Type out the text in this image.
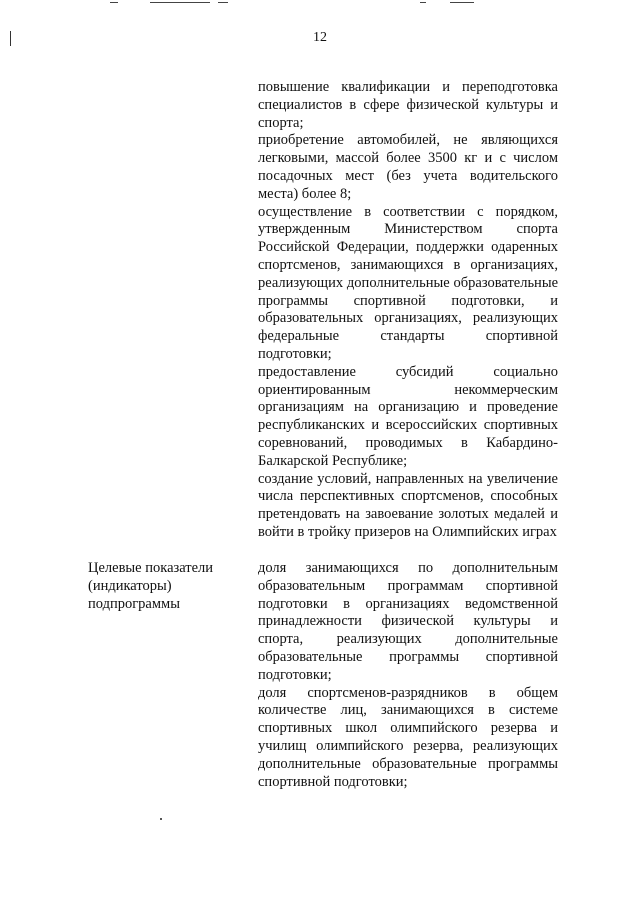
12

повышение квалификации и переподготовка специалистов в сфере физической культуры и спорта;

приобретение автомобилей, не являющихся легковыми, массой более 3500 кг и с числом посадочных мест (без учета водительского места) более 8;

осуществление в соответствии с порядком, утвержденным Министерством спорта Российской Федерации, поддержки одаренных спортсменов, занимающихся в организациях, реализующих дополнительные образовательные программы спортивной подготовки, и образовательных организациях, реализующих федеральные стандарты спортивной подготовки;

предоставление субсидий социально ориентированным некоммерческим организациям на организацию и проведение республиканских и всероссийских спортивных соревнований, проводимых в Кабардино-Балкарской Республике;

создание условий, направленных на увеличение числа перспективных спортсменов, способных претендовать на завоевание золотых медалей и войти в тройку призеров на Олимпийских играх

Целевые показатели
(индикаторы)
подпрограммы

доля занимающихся по дополнительным образовательным программам спортивной подготовки в организациях ведомственной принадлежности физической культуры и спорта, реализующих дополнительные образовательные программы спортивной подготовки;

доля спортсменов-разрядников в общем количестве лиц, занимающихся в системе спортивных школ олимпийского резерва и училищ олимпийского резерва, реализующих дополнительные образовательные программы спортивной подготовки;
